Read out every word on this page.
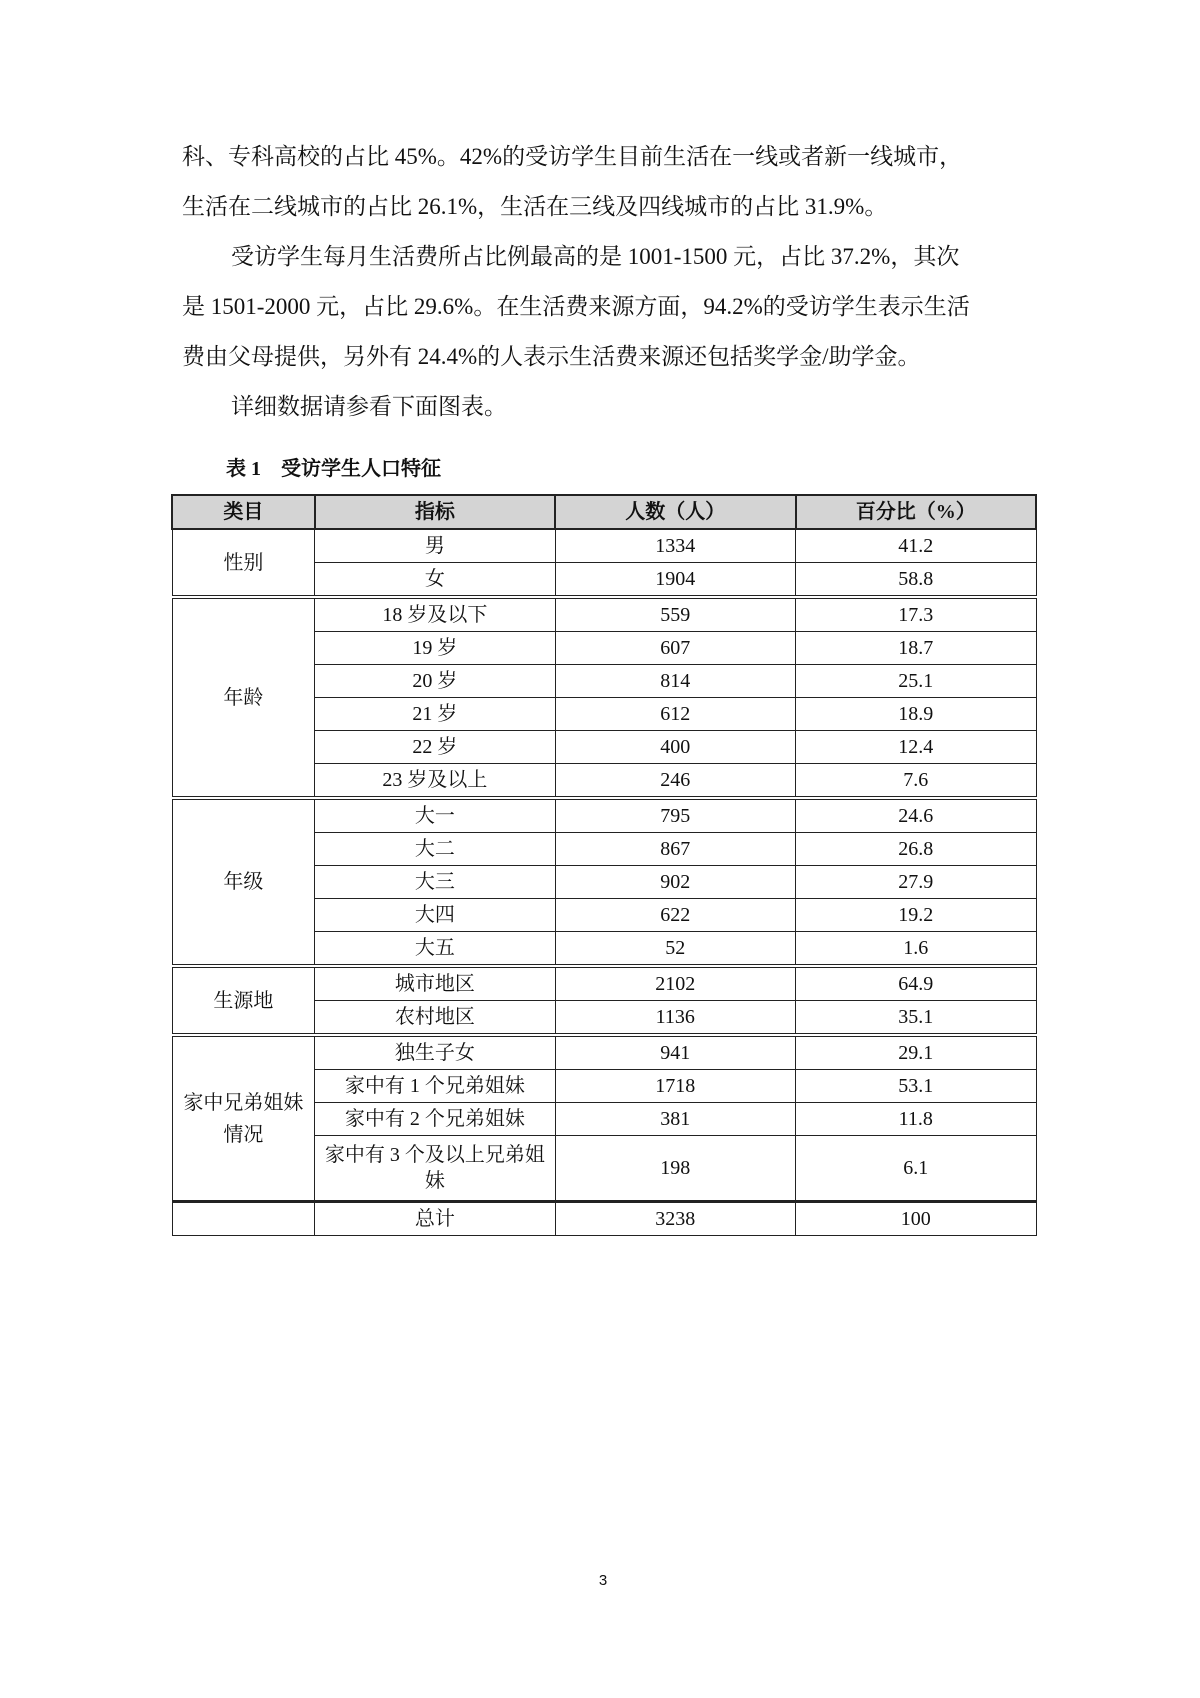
科、专科高校的占比 45%。42%的受访学生目前生活在一线或者新一线城市，

生活在二线城市的占比 26.1%，生活在三线及四线城市的占比 31.9%。

受访学生每月生活费所占比例最高的是 1001-1500 元，占比 37.2%，其次

是 1501-2000 元，占比 29.6%。在生活费来源方面，94.2%的受访学生表示生活

费由父母提供，另外有 24.4%的人表示生活费来源还包括奖学金/助学金。

详细数据请参看下面图表。

表 1　受访学生人口特征

类目	指标	人数（人）	百分比（%）
性别	男	1334	41.2
	女	1904	58.8
年龄	18 岁及以下	559	17.3
	19 岁	607	18.7
	20 岁	814	25.1
	21 岁	612	18.9
	22 岁	400	12.4
	23 岁及以上	246	7.6
年级	大一	795	24.6
	大二	867	26.8
	大三	902	27.9
	大四	622	19.2
	大五	52	1.6
生源地	城市地区	2102	64.9
	农村地区	1136	35.1
家中兄弟姐妹情况	独生子女	941	29.1
	家中有 1 个兄弟姐妹	1718	53.1
	家中有 2 个兄弟姐妹	381	11.8
	家中有 3 个及以上兄弟姐妹	198	6.1
	总计	3238	100
3
